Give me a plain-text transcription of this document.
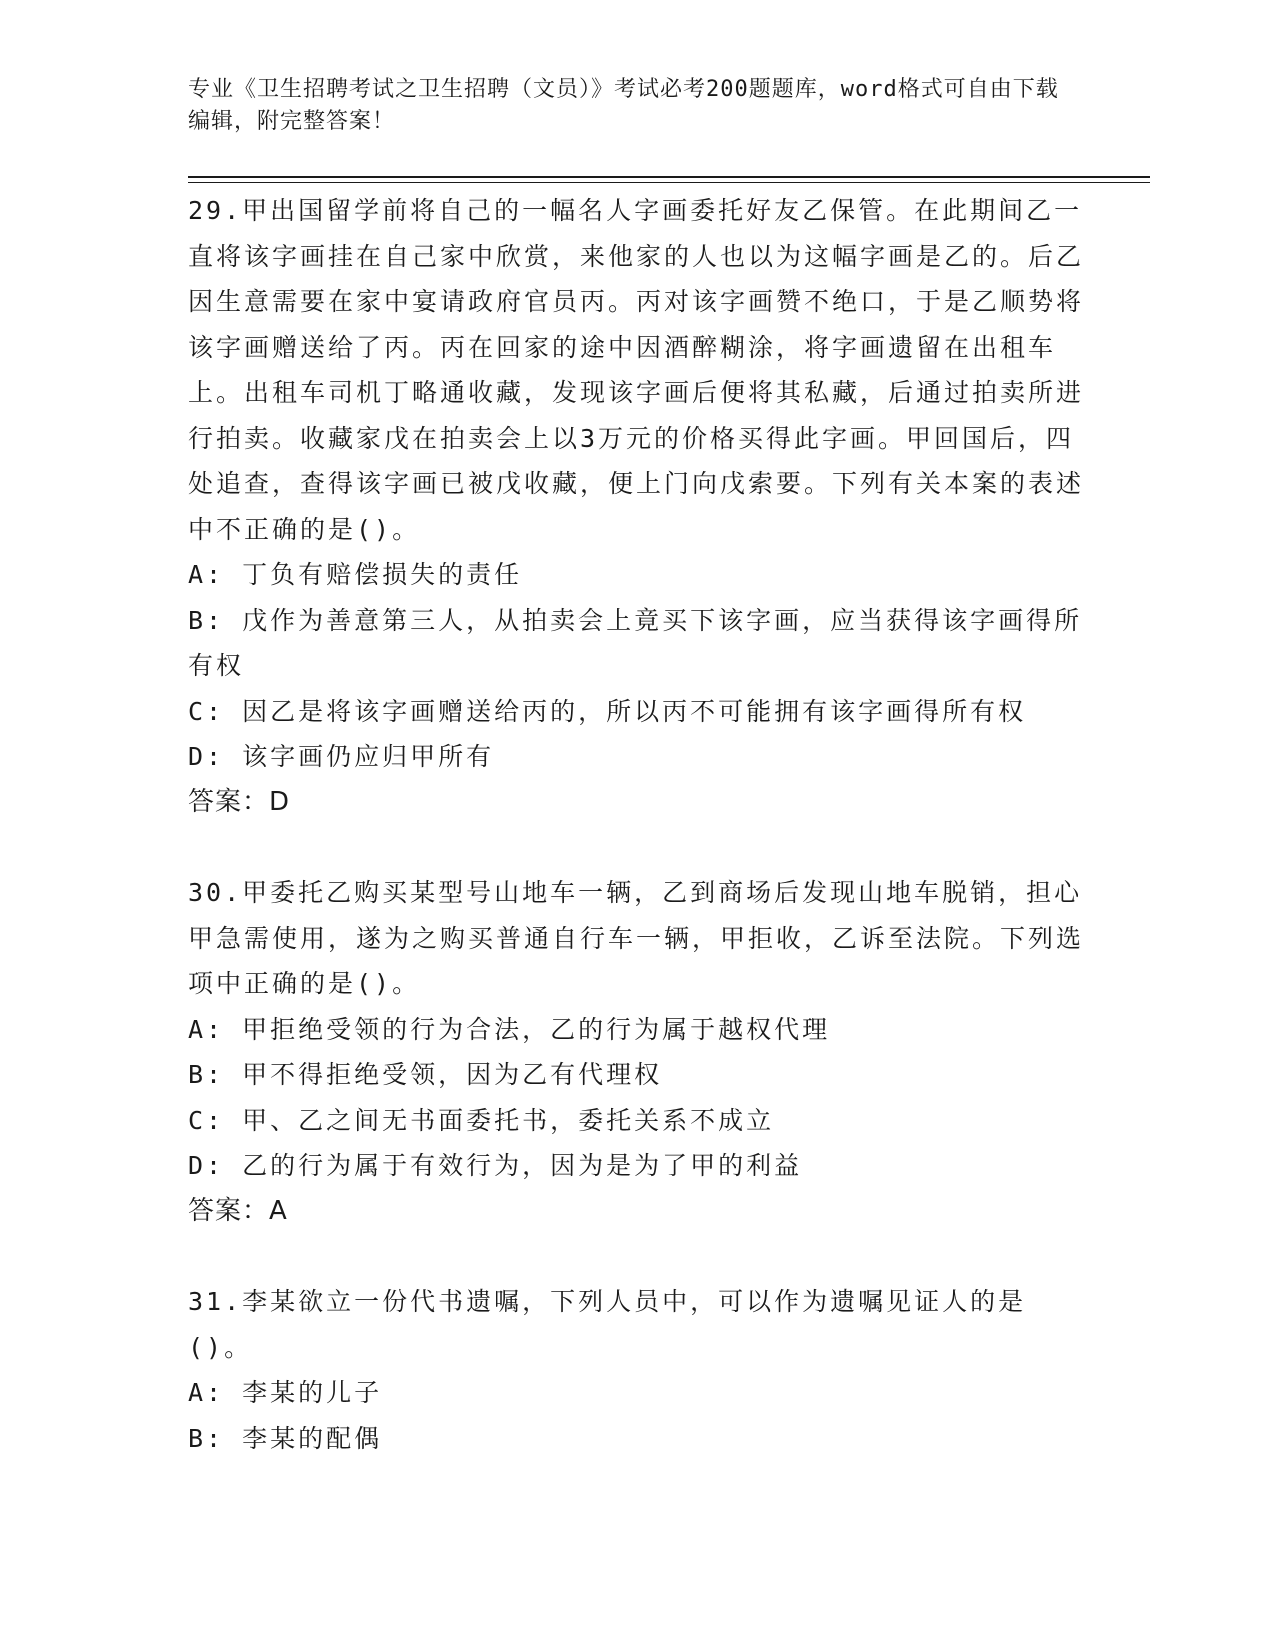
专业《卫生招聘考试之卫生招聘（文员）》考试必考200题题库，word格式可自由下载编辑，附完整答案！
29.甲出国留学前将自己的一幅名人字画委托好友乙保管。在此期间乙一直将该字画挂在自己家中欣赏，来他家的人也以为这幅字画是乙的。后乙因生意需要在家中宴请政府官员丙。丙对该字画赞不绝口，于是乙顺势将该字画赠送给了丙。丙在回家的途中因酒醉糊涂，将字画遗留在出租车上。出租车司机丁略通收藏，发现该字画后便将其私藏，后通过拍卖所进行拍卖。收藏家戊在拍卖会上以3万元的价格买得此字画。甲回国后，四处追查，查得该字画已被戊收藏，便上门向戊索要。下列有关本案的表述中不正确的是()。
A: 丁负有赔偿损失的责任
B: 戊作为善意第三人，从拍卖会上竟买下该字画，应当获得该字画得所有权
C: 因乙是将该字画赠送给丙的，所以丙不可能拥有该字画得所有权
D: 该字画仍应归甲所有
答案：D
30.甲委托乙购买某型号山地车一辆，乙到商场后发现山地车脱销，担心甲急需使用，遂为之购买普通自行车一辆，甲拒收，乙诉至法院。下列选项中正确的是()。
A: 甲拒绝受领的行为合法，乙的行为属于越权代理
B: 甲不得拒绝受领，因为乙有代理权
C: 甲、乙之间无书面委托书，委托关系不成立
D: 乙的行为属于有效行为，因为是为了甲的利益
答案：A
31.李某欲立一份代书遗嘱，下列人员中，可以作为遗嘱见证人的是()。
A: 李某的儿子
B: 李某的配偶
